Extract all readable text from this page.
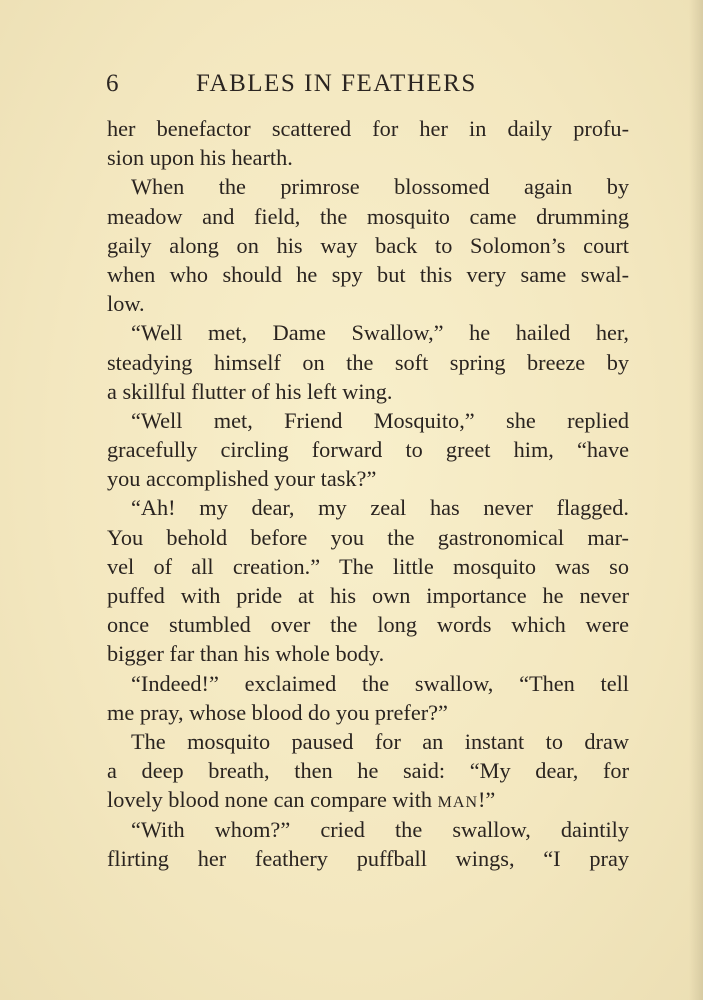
6	FABLES IN FEATHERS
her benefactor scattered for her in daily profu-
sion upon his hearth.
When the primrose blossomed again by
meadow and field, the mosquito came drumming
gaily along on his way back to Solomon’s court
when who should he spy but this very same swal-
low.
“Well met, Dame Swallow,” he hailed her,
steadying himself on the soft spring breeze by
a skillful flutter of his left wing.
“Well met, Friend Mosquito,” she replied
gracefully circling forward to greet him, “have
you accomplished your task?”
“Ah! my dear, my zeal has never flagged.
You behold before you the gastronomical mar-
vel of all creation.” The little mosquito was so
puffed with pride at his own importance he never
once stumbled over the long words which were
bigger far than his whole body.
“Indeed!” exclaimed the swallow, “Then tell
me pray, whose blood do you prefer?”
The mosquito paused for an instant to draw
a deep breath, then he said: “My dear, for
lovely blood none can compare with man!”
“With whom?” cried the swallow, daintily
flirting her feathery puffball wings, “I pray
